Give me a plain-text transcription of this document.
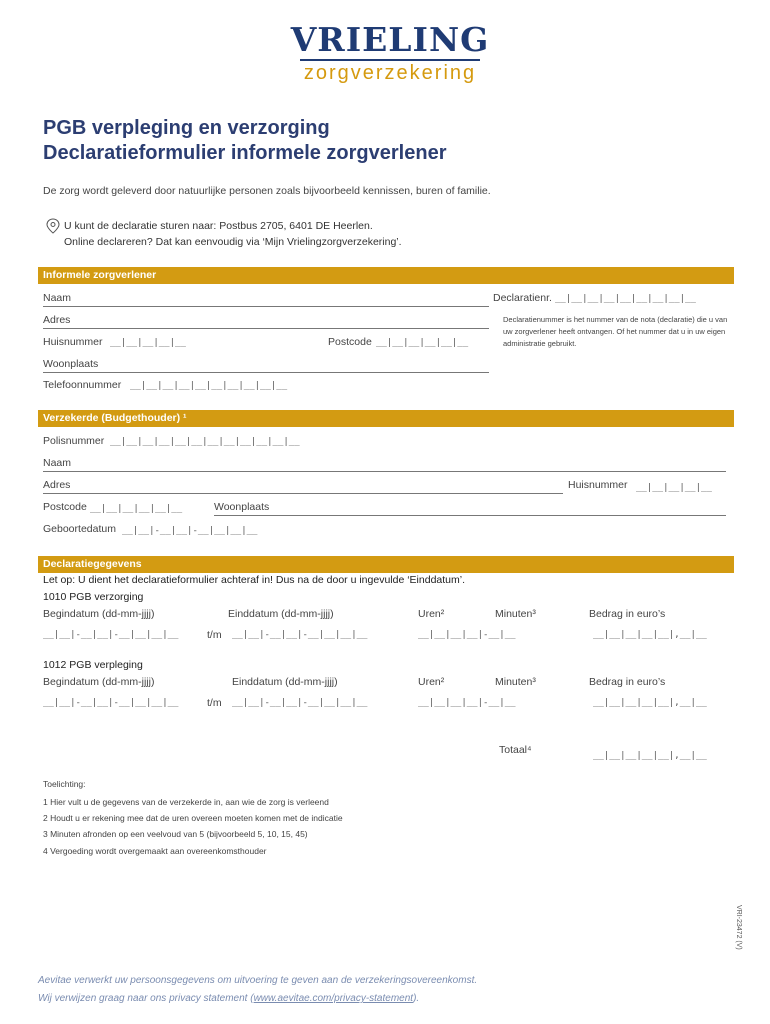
VRIELING
zorgverzekering
PGB verpleging en verzorging
Declaratieformulier informele zorgverlener
De zorg wordt geleverd door natuurlijke personen zoals bijvoorbeeld kennissen, buren of familie.
U kunt de declaratie sturen naar: Postbus 2705, 6401 DE Heerlen.
Online declareren? Dat kan eenvoudig via ‘Mijn Vrielingzorgverzekering’.
Informele zorgverlener
Naam	Declaratienr. __|__|__|__|__|__|__|__|__
Declaratienummer is het nummer van de nota (declaratie) die u van uw zorgverlener heeft ontvangen. Of het nummer dat u in uw eigen administratie gebruikt.
Adres
Huisnummer __|__|__|__|__	Postcode __|__|__|__|__|__
Woonplaats
Telefoonnummer __|__|__|__|__|__|__|__|__|__
Verzekerde (Budgethouder) ¹
Polisnummer __|__|__|__|__|__|__|__|__|__|__|__
Naam
Adres	Huisnummer __|__|__|__|__
Postcode __|__|__|__|__|__	Woonplaats
Geboortedatum __|__|-__|__|-__|__|__|__
Declaratiegegevens
Let op: U dient het declaratieformulier achteraf in! Dus na de door u ingevulde ‘Einddatum’.
1010 PGB verzorging
Begindatum (dd-mm-jjjj)	Einddatum (dd-mm-jjjj)	Uren²	Minuten³	Bedrag in euro’s
__|__|-__|__|-__|__|__|__	t/m __|__|-__|__|-__|__|__|__	__|__|__|__|-__|__	__|__|__|__|__|,__|__
1012 PGB verpleging
Begindatum (dd-mm-jjjj)	Einddatum (dd-mm-jjjj)	Uren²	Minuten³	Bedrag in euro’s
__|__|-__|__|-__|__|__|__	t/m __|__|-__|__|-__|__|__|__	__|__|__|__|-__|__	__|__|__|__|__|,__|__
Totaal⁴	__|__|__|__|__|,__|__
Toelichting:
1 Hier vult u de gegevens van de verzekerde in, aan wie de zorg is verleend
2 Houdt u er rekening mee dat de uren overeen moeten komen met de indicatie
3 Minuten afronden op een veelvoud van 5 (bijvoorbeeld 5, 10, 15, 45)
4 Vergoeding wordt overgemaakt aan overeenkomsthouder
VRI-23472 (V)
Aevitae verwerkt uw persoonsgegevens om uitvoering te geven aan de verzekeringsovereenkomst.
Wij verwijzen graag naar ons privacy statement (www.aevitae.com/privacy-statement).
